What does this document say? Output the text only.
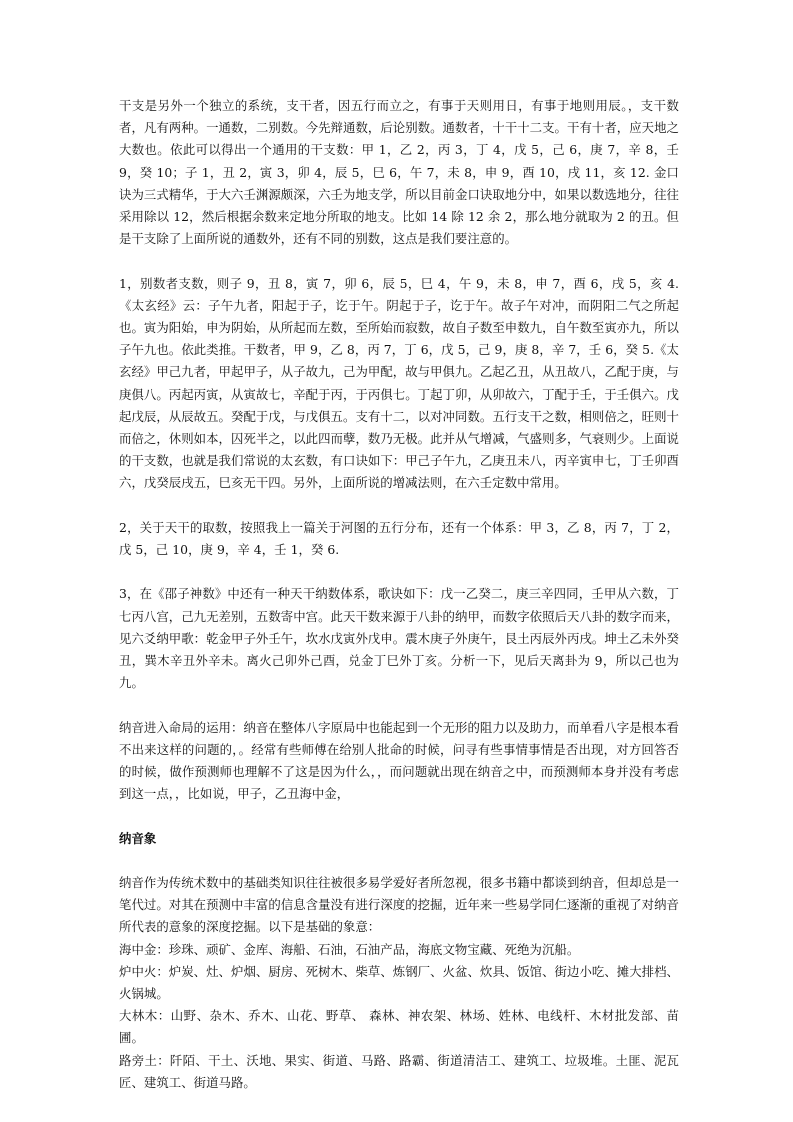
干支是另外一个独立的系统，支干者，因五行而立之，有事于天则用日，有事于地则用辰。，支干数者，凡有两种。一通数，二别数。今先辩通数，后论别数。通数者，十干十二支。干有十者，应天地之大数也。依此可以得出一个通用的干支数：甲 1，乙 2，丙 3，丁 4，戊 5，己 6，庚 7，辛 8，壬 9，癸 10；子 1，丑 2，寅 3，卯 4，辰 5，巳 6，午 7，未 8，申 9，酉 10，戌 11，亥 12. 金口诀为三式精华，于大六壬渊源颇深，六壬为地支学，所以目前金口诀取地分中，如果以数选地分，往往采用除以 12，然后根据余数来定地分所取的地支。比如 14 除 12 余 2，那么地分就取为 2 的丑。但是干支除了上面所说的通数外，还有不同的别数，这点是我们要注意的。

1，别数者支数，则子 9，丑 8，寅 7，卯 6，辰 5，巳 4，午 9，未 8，申 7，酉 6，戌 5，亥 4.《太玄经》云：子午九者，阳起于子，讫于午。阴起于子，讫于午。故子午对冲，而阴阳二气之所起也。寅为阳始，申为阴始，从所起而左数，至所始而寂数，故自子数至申数九，自午数至寅亦九，所以子午九也。依此类推。干数者，甲 9，乙 8，丙 7，丁 6，戊 5，己 9，庚 8，辛 7，壬 6，癸 5.《太玄经》甲己九者，甲起甲子，从子故九，己为甲配，故与甲俱九。乙起乙丑，从丑故八，乙配于庚，与庚俱八。丙起丙寅，从寅故七，辛配于丙，于丙俱七。丁起丁卯，从卯故六，丁配于壬，于壬俱六。戊起戊辰，从辰故五。癸配于戊，与戊俱五。支有十二，以对冲同数。五行支干之数，相则倍之，旺则十而倍之，休则如本，囚死半之，以此四而孽，数乃无极。此并从气增减，气盛则多，气衰则少。上面说的干支数，也就是我们常说的太玄数，有口诀如下：甲己子午九，乙庚丑未八，丙辛寅申七，丁壬卯酉六，戊癸辰戌五，巳亥无干四。另外，上面所说的增减法则，在六壬定数中常用。

2，关于天干的取数，按照我上一篇关于河图的五行分布，还有一个体系：甲 3，乙 8，丙 7，丁 2，戊 5，己 10，庚 9，辛 4，壬 1，癸 6.

3，在《邵子神数》中还有一种天干纳数体系，歌诀如下：戊一乙癸二，庚三辛四同，壬甲从六数，丁七丙八宫，己九无差别，五数寄中宫。此天干数来源于八卦的纳甲，而数字依照后天八卦的数字而来，见六爻纳甲歌：乾金甲子外壬午，坎水戊寅外戊申。震木庚子外庚午，艮土丙辰外丙戌。坤土乙未外癸丑，巽木辛丑外辛未。离火己卯外己酉，兑金丁巳外丁亥。分析一下，见后天离卦为 9，所以己也为九。

纳音进入命局的运用：纳音在整体八字原局中也能起到一个无形的阻力以及助力，而单看八字是根本看不出来这样的问题的，。经常有些师傅在给别人批命的时候，问寻有些事情事情是否出现，对方回答否的时候，做作预测师也理解不了这是因为什么，，而问题就出现在纳音之中，而预测师本身并没有考虑到这一点，，比如说，甲子，乙丑海中金，

纳音象

纳音作为传统术数中的基础类知识往往被很多易学爱好者所忽视，很多书籍中都谈到纳音，但却总是一笔代过。对其在预测中丰富的信息含量没有进行深度的挖掘，近年来一些易学同仁逐渐的重视了对纳音所代表的意象的深度挖掘。以下是基础的象意：

海中金：珍珠、顽矿、金库、海船、石油，石油产品，海底文物宝藏、死绝为沉船。

炉中火：炉炭、灶、炉烟、厨房、死树木、柴草、炼钢厂、火盆、炊具、饭馆、街边小吃、摊大排档、火锅城。

大林木：山野、杂木、乔木、山花、野草、 森林、神农架、林场、姓林、电线杆、木材批发部、苗圃。

路旁土：阡陌、干土、沃地、果实、街道、马路、路霸、街道清洁工、建筑工、垃圾堆。土匪、泥瓦匠、建筑工、街道马路。
